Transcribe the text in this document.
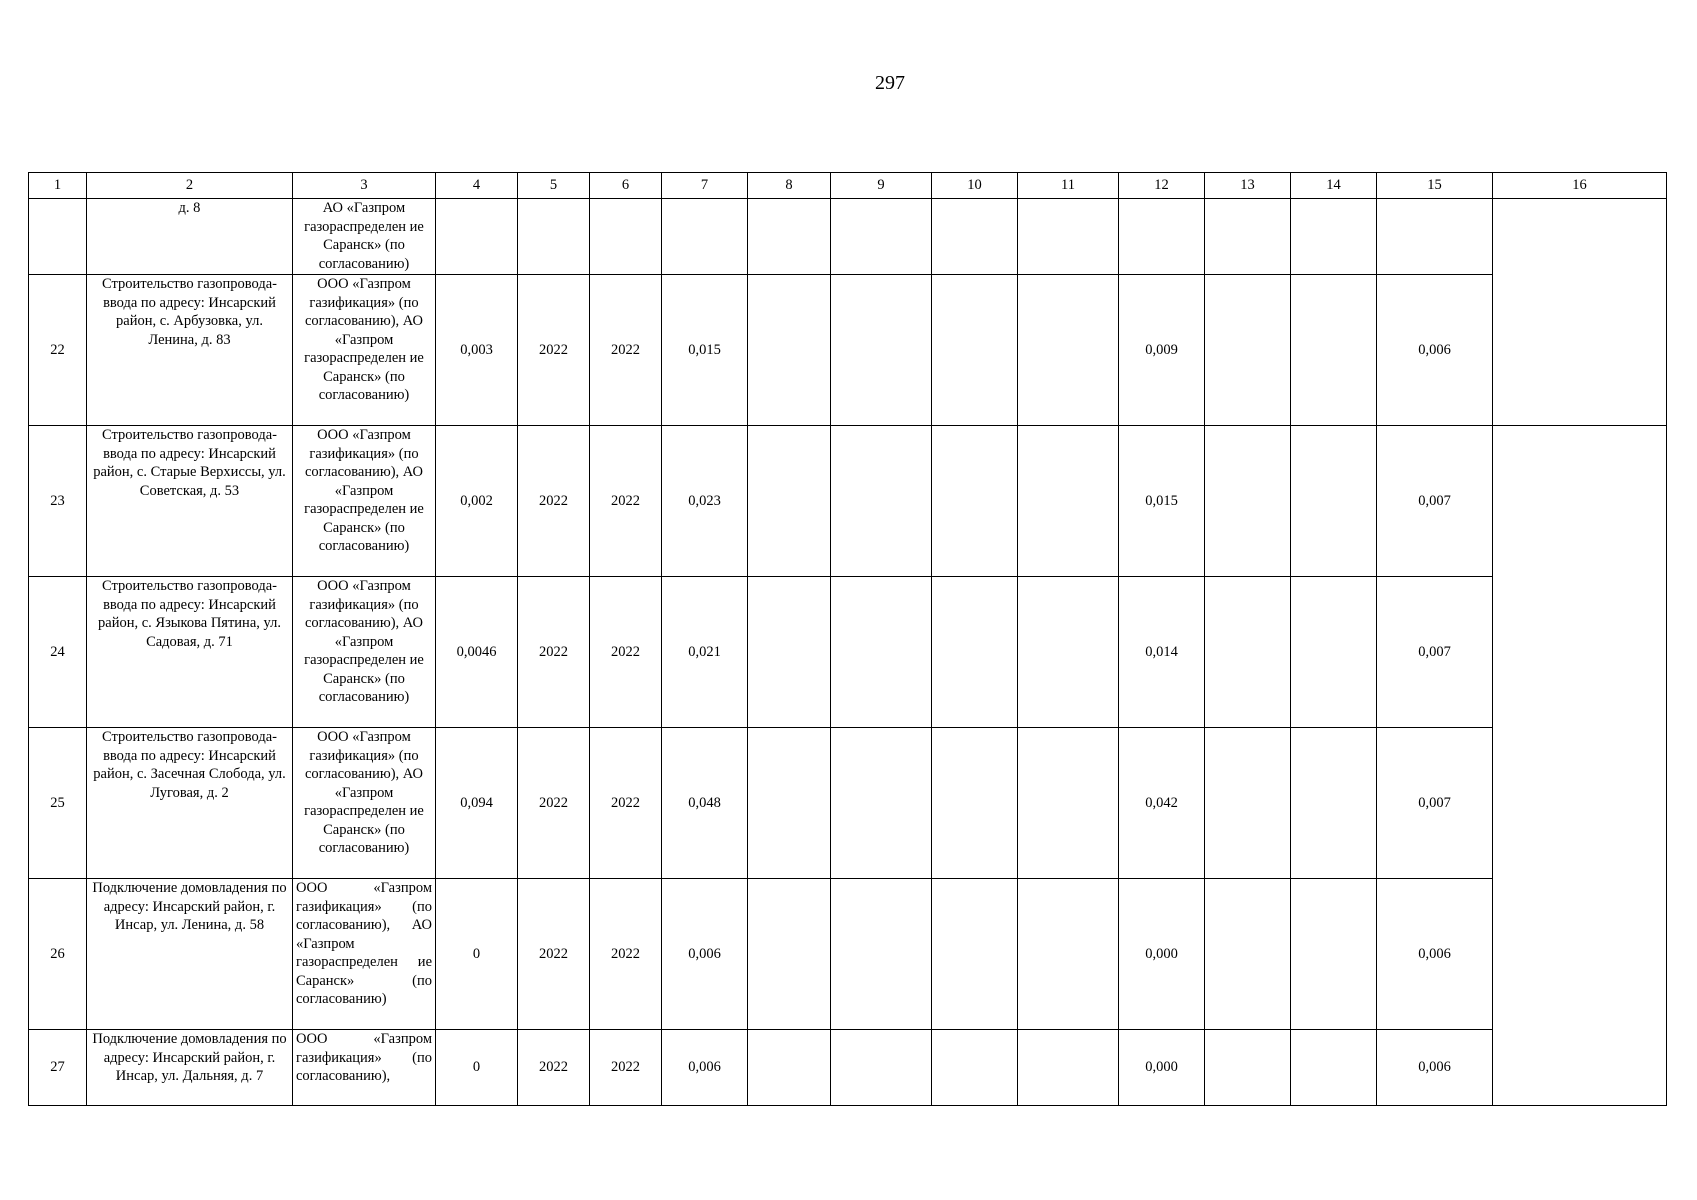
297
1	2	3	4	5	6	7	8	9	10	11	12	13	14	15	16
	д. 8	АО «Газпром газораспределен ие Саранск» (по согласованию)													
22	Строительство газопровода-ввода по адресу: Инсарский район, с. Арбузовка, ул. Ленина, д. 83	ООО «Газпром газификация» (по согласованию), АО «Газпром газораспределен ие Саранск» (по согласованию)	0,003	2022	2022	0,015					0,009			0,006	
23	Строительство газопровода-ввода по адресу: Инсарский район, с. Старые Верхиссы, ул. Советская, д. 53	ООО «Газпром газификация» (по согласованию), АО «Газпром газораспределен ие Саранск» (по согласованию)	0,002	2022	2022	0,023					0,015			0,007	
24	Строительство газопровода-ввода по адресу: Инсарский район, с. Языкова Пятина, ул. Садовая, д. 71	ООО «Газпром газификация» (по согласованию), АО «Газпром газораспределен ие Саранск» (по согласованию)	0,0046	2022	2022	0,021					0,014			0,007	
25	Строительство газопровода-ввода по адресу: Инсарский район, с. Засечная Слобода, ул. Луговая, д. 2	ООО «Газпром газификация» (по согласованию), АО «Газпром газораспределен ие Саранск» (по согласованию)	0,094	2022	2022	0,048					0,042			0,007	
26	Подключение домовладения по адресу: Инсарский район, г. Инсар, ул. Ленина, д. 58	ООО «Газпром газификация» (по согласованию), АО «Газпром газораспределен ие Саранск» (по согласованию)	0	2022	2022	0,006					0,000			0,006	
27	Подключение домовладения по адресу: Инсарский район, г. Инсар, ул. Дальняя, д. 7	ООО «Газпром газификация» (по согласованию),	0	2022	2022	0,006					0,000			0,006	
